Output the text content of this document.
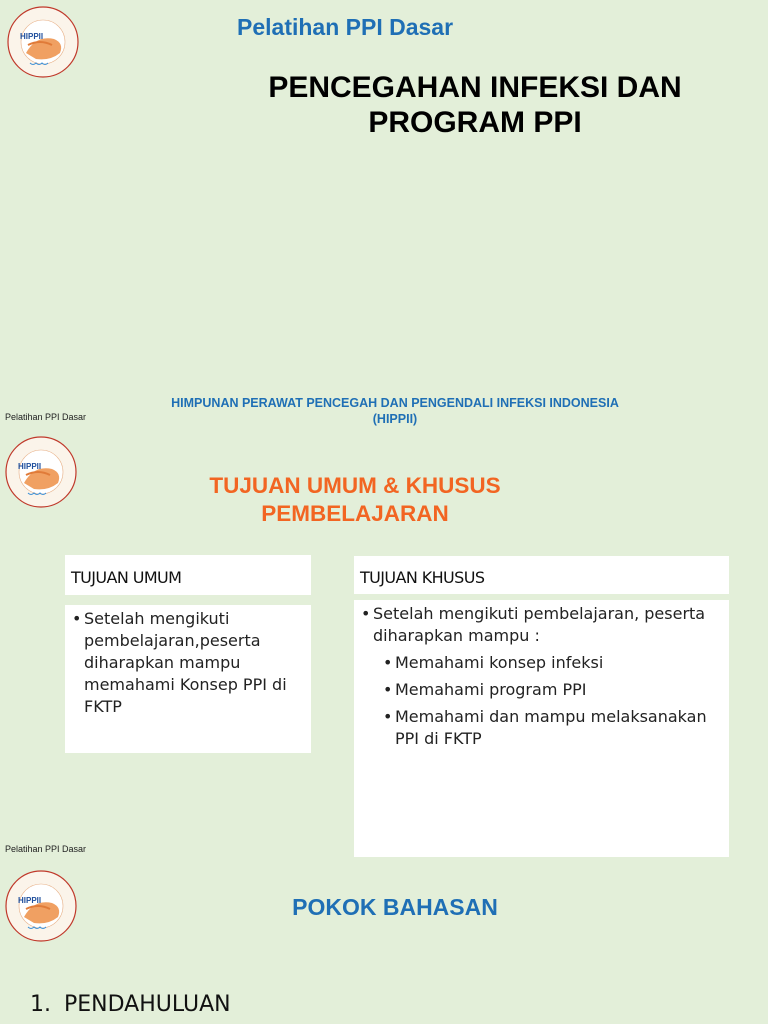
HIPPII	Pelatihan PPI Dasar
PENCEGAHAN INFEKSI DAN
PROGRAM PPI
HIMPUNAN PERAWAT PENCEGAH DAN PENGENDALI INFEKSI INDONESIA
(HIPPII)
Pelatihan PPI Dasar
HIPPII
TUJUAN UMUM & KHUSUS
PEMBELAJARAN
TUJUAN UMUM
• Setelah mengikuti
pembelajaran,peserta
diharapkan mampu
memahami Konsep PPI di
FKTP
TUJUAN KHUSUS
• Setelah mengikuti pembelajaran, peserta
diharapkan mampu :
• Memahami konsep infeksi
• Memahami program PPI
• Memahami dan mampu melaksanakan
PPI di FKTP
Pelatihan PPI Dasar
HIPPII	POKOK BAHASAN
1. PENDAHULUAN
